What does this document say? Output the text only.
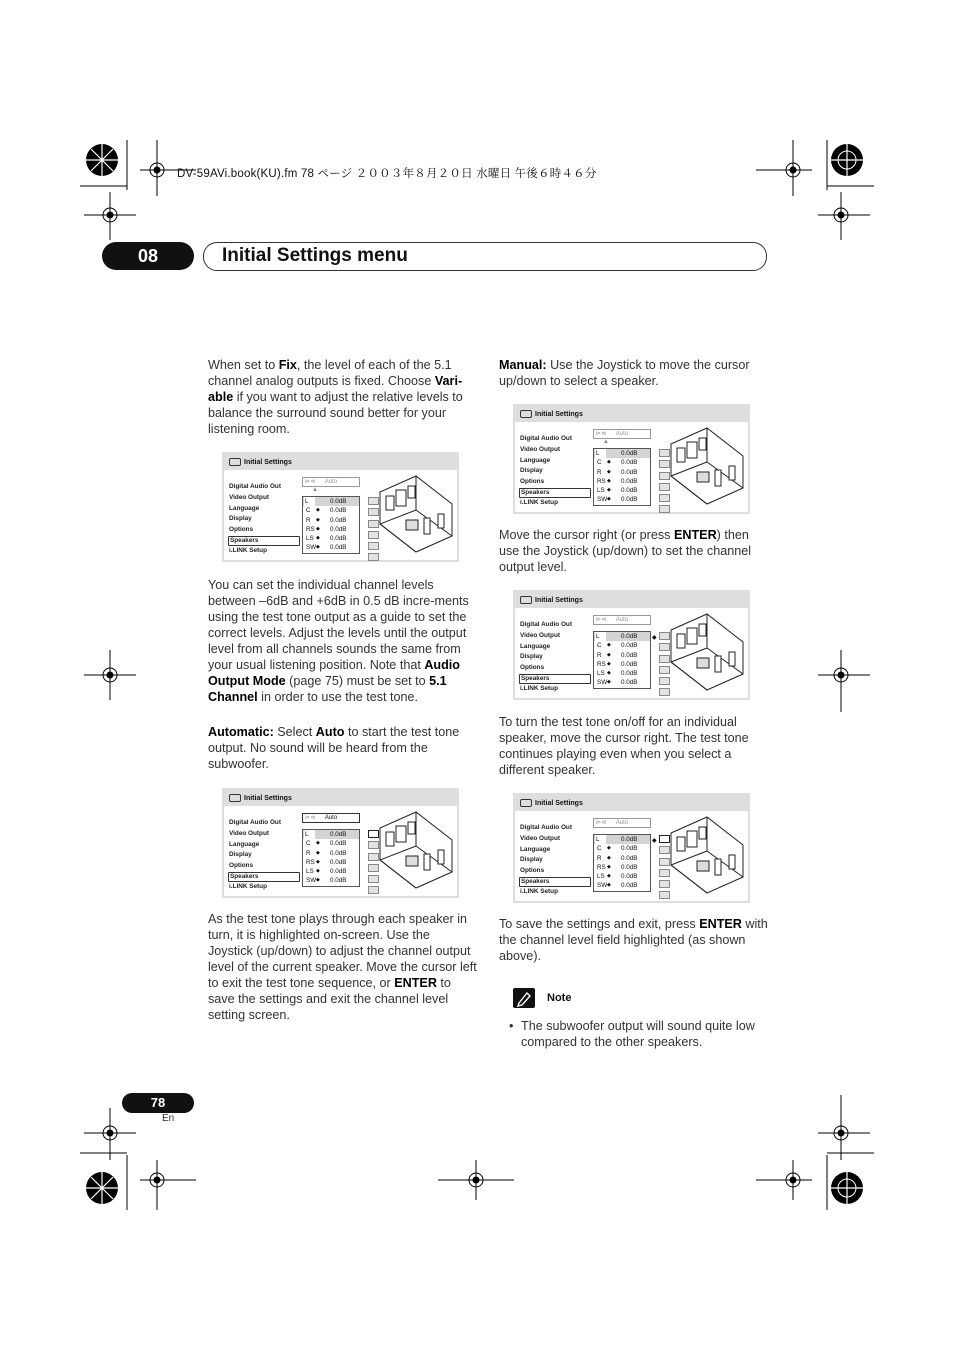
DV-59AVi.book(KU).fm 78 ページ ２００３年８月２０日 水曜日 午後６時４６分
08	Initial Settings menu
When set to Fix, the level of each of the 5.1 channel analog outputs is fixed. Choose Vari-able if you want to adjust the relative levels to balance the surround sound better for your listening room.
Initial Settings
Digital Audio Out
Video Output
Language
Display
Options
Speakers
i.LINK Setup
⊳⊲ Auto
▲
L	0.0dB
C ◆ 0.0dB
R ◆ 0.0dB
RS ◆ 0.0dB
LS ◆ 0.0dB
SW ◆ 0.0dB
You can set the individual channel levels between –6dB and +6dB in 0.5 dB incre-ments using the test tone output as a guide to set the correct levels. Adjust the levels until the output level from all channels sounds the same from your usual listening position. Note that Audio Output Mode (page 75) must be set to 5.1 Channel in order to use the test tone.
Automatic: Select Auto to start the test tone output. No sound will be heard from the subwoofer.
Initial Settings
Digital Audio Out
Video Output
Language
Display
Options
Speakers
i.LINK Setup
⊳⊲ Auto
L	0.0dB
C ◆ 0.0dB
R ◆ 0.0dB
RS ◆ 0.0dB
LS ◆ 0.0dB
SW ◆ 0.0dB
As the test tone plays through each speaker in turn, it is highlighted on-screen. Use the Joystick (up/down) to adjust the channel output level of the current speaker. Move the cursor left to exit the test tone sequence, or ENTER to save the settings and exit the channel level setting screen.
Manual: Use the Joystick to move the cursor up/down to select a speaker.
Initial Settings
Digital Audio Out
Video Output
Language
Display
Options
Speakers
i.LINK Setup
⊳⊲ Auto
▲
L	0.0dB
C ◆ 0.0dB
R ◆ 0.0dB
RS ◆ 0.0dB
LS ◆ 0.0dB
SW ◆ 0.0dB
Move the cursor right (or press ENTER) then use the Joystick (up/down) to set the channel output level.
Initial Settings
Digital Audio Out
Video Output
Language
Display
Options
Speakers
i.LINK Setup
⊳⊲ Auto
L	0.0dB
C ◆ 0.0dB
R ◆ 0.0dB
RS ◆ 0.0dB
LS ◆ 0.0dB
SW ◆ 0.0dB
◆
To turn the test tone on/off for an individual speaker, move the cursor right. The test tone continues playing even when you select a different speaker.
Initial Settings
Digital Audio Out
Video Output
Language
Display
Options
Speakers
i.LINK Setup
⊳⊲ Auto
L	0.0dB
C ◆ 0.0dB
R ◆ 0.0dB
RS ◆ 0.0dB
LS ◆ 0.0dB
SW ◆ 0.0dB
◆
To save the settings and exit, press ENTER with the channel level field highlighted (as shown above).
Note
• The subwoofer output will sound quite low compared to the other speakers.
78
En
